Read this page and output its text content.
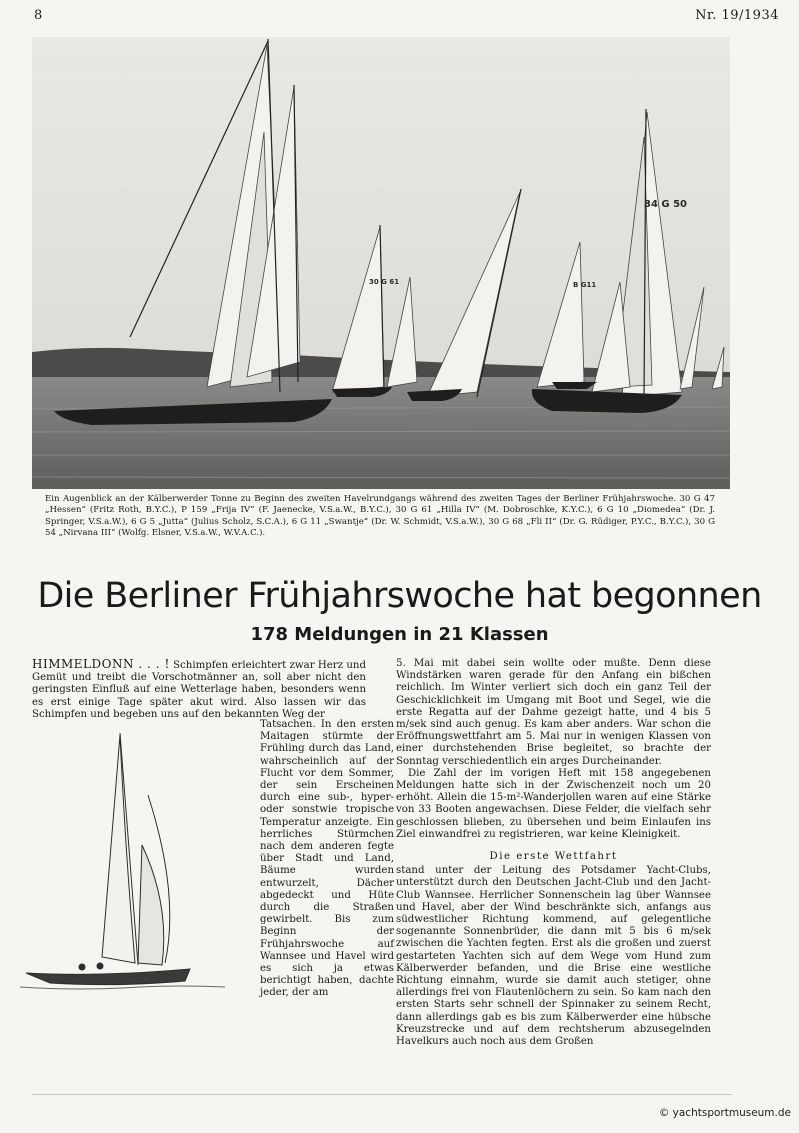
8	Nr. 19/1934
34 G 50
30 G 61	B G11
Ein Augenblick an der Kälberwerder Tonne zu Beginn des zweiten Havelrundgangs während des zweiten Tages der Berliner Frühjahrswoche. 30 G 47 „Hessen“ (Fritz Roth, B.Y.C.), P 159 „Frija IV“ (F. Jaenecke, V.S.a.W., B.Y.C.), 30 G 61 „Hilla IV“ (M. Dobroschke, K.Y.C.), 6 G 10 „Diomedea“ (Dr. J. Springer, V.S.a.W.), 6 G 5 „Jutta“ (Julius Scholz, S.C.A.), 6 G 11 „Swantje“ (Dr. W. Schmidt, V.S.a.W.), 30 G 68 „Fli II“ (Dr. G. Rüdiger, P.Y.C., B.Y.C.), 30 G 54 „Nirvana III“ (Wolfg. Elsner, V.S.a.W., W.V.A.C.).
Die Berliner Frühjahrswoche hat begonnen
178 Meldungen in 21 Klassen

HIMMELDONN . . . ! Schimpfen erleichtert zwar Herz und Gemüt und treibt die Vorschotmänner an, soll aber nicht den geringsten Einfluß auf eine Wetterlage haben, besonders wenn es erst einige Tage später akut wird. Also lassen wir das Schimpfen und begeben uns auf den bekannten Weg der

Tatsachen. In den ersten Maitagen stürmte der Frühling durch das Land, wahrscheinlich auf der Flucht vor dem Sommer, der sein Erscheinen durch eine sub-, hyper- oder sonstwie tropische Temperatur anzeigte. Ein herrliches Stürmchen nach dem anderen fegte über Stadt und Land, Bäume wurden entwurzelt, Dächer abgedeckt und Hüte durch die Straßen gewirbelt. Bis zum Beginn der Frühjahrswoche auf Wannsee und Havel wird es sich ja etwas berichtigt haben, dachte jeder, der am

5. Mai mit dabei sein wollte oder mußte. Denn diese Windstärken waren gerade für den Anfang ein bißchen reichlich. Im Winter verliert sich doch ein ganz Teil der Geschicklichkeit im Umgang mit Boot und Segel, wie die erste Regatta auf der Dahme gezeigt hatte, und 4 bis 5 m/sek sind auch genug. Es kam aber anders. War schon die Eröffnungswettfahrt am 5. Mai nur in wenigen Klassen von einer durchstehenden Brise begleitet, so brachte der Sonntag verschiedentlich ein arges Durcheinander.

Die Zahl der im vorigen Heft mit 158 angegebenen Meldungen hatte sich in der Zwischenzeit noch um 20 erhöht. Allein die 15-m²-Wanderjollen waren auf eine Stärke von 33 Booten angewachsen. Diese Felder, die vielfach sehr geschlossen blieben, zu übersehen und beim Einlaufen ins Ziel einwandfrei zu registrieren, war keine Kleinigkeit.

Die erste Wettfahrt

stand unter der Leitung des Potsdamer Yacht-Clubs, unterstützt durch den Deutschen Jacht-Club und den Jacht-Club Wannsee. Herrlicher Sonnenschein lag über Wannsee und Havel, aber der Wind beschränkte sich, anfangs aus südwestlicher Richtung kommend, auf gelegentliche sogenannte Sonnenbrüder, die dann mit 5 bis 6 m/sek zwischen die Yachten fegten. Erst als die großen und zuerst gestarteten Yachten sich auf dem Wege vom Hund zum Kälberwerder befanden, und die Brise eine westliche Richtung einnahm, wurde sie damit auch stetiger, ohne allerdings frei von Flautenlöchern zu sein. So kam nach den ersten Starts sehr schnell der Spinnaker zu seinem Recht, dann allerdings gab es bis zum Kälberwerder eine hübsche Kreuzstrecke und auf dem rechtsherum abzusegelnden Havelkurs auch noch aus dem Großen

© yachtsportmuseum.de
